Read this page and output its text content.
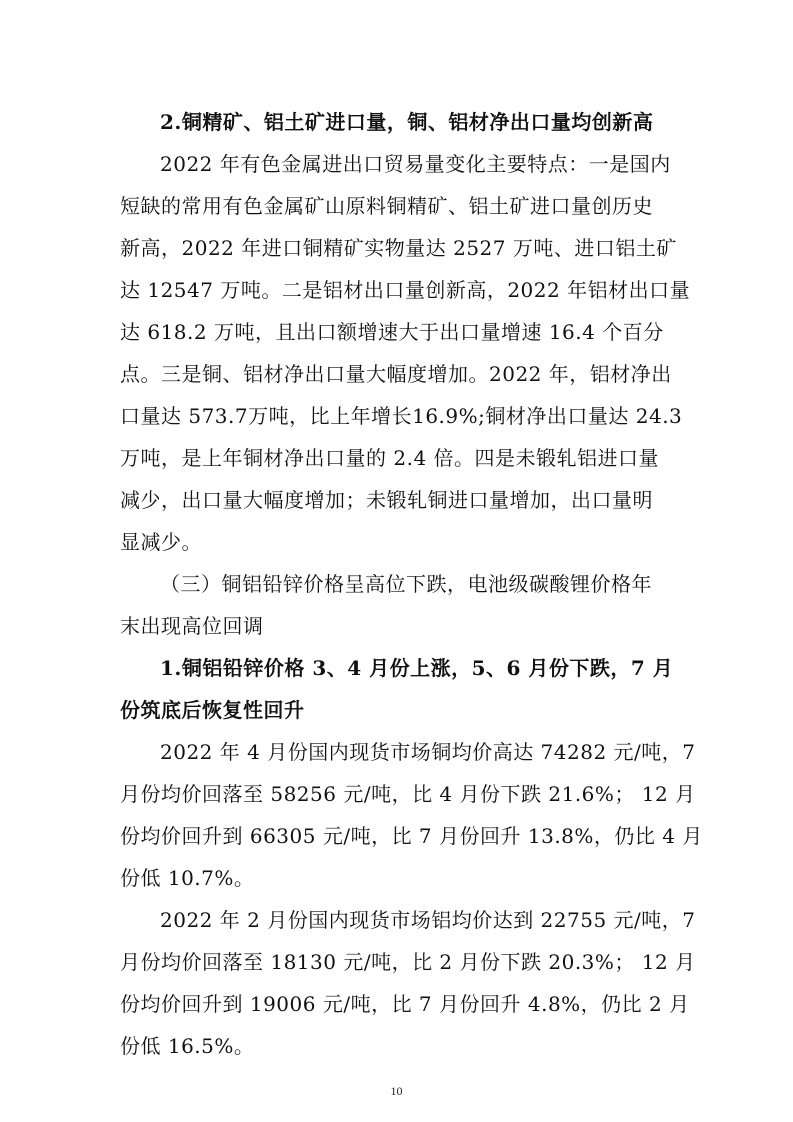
2.铜精矿、铝土矿进口量，铜、铝材净出口量均创新高
2022 年有色金属进出口贸易量变化主要特点：一是国内
短缺的常用有色金属矿山原料铜精矿、铝土矿进口量创历史
新高，2022 年进口铜精矿实物量达 2527 万吨、进口铝土矿
达 12547 万吨。二是铝材出口量创新高，2022 年铝材出口量
达 618.2 万吨，且出口额增速大于出口量增速 16.4 个百分
点。三是铜、铝材净出口量大幅度增加。2022 年，铝材净出
口量达 573.7万吨，比上年增长16.9%;铜材净出口量达 24.3
万吨，是上年铜材净出口量的 2.4 倍。四是未锻轧铝进口量
减少，出口量大幅度增加；未锻轧铜进口量增加，出口量明
显减少。
（三）铜铝铅锌价格呈高位下跌，电池级碳酸锂价格年
末出现高位回调
1.铜铝铅锌价格 3、4 月份上涨，5、6 月份下跌，7 月
份筑底后恢复性回升
2022 年 4 月份国内现货市场铜均价高达 74282 元/吨，7
月份均价回落至 58256 元/吨，比 4 月份下跌 21.6%； 12 月
份均价回升到 66305 元/吨，比 7 月份回升 13.8%，仍比 4 月
份低 10.7%。
2022 年 2 月份国内现货市场铝均价达到 22755 元/吨，7
月份均价回落至 18130 元/吨，比 2 月份下跌 20.3%； 12 月
份均价回升到 19006 元/吨，比 7 月份回升 4.8%，仍比 2 月
份低 16.5%。
10
